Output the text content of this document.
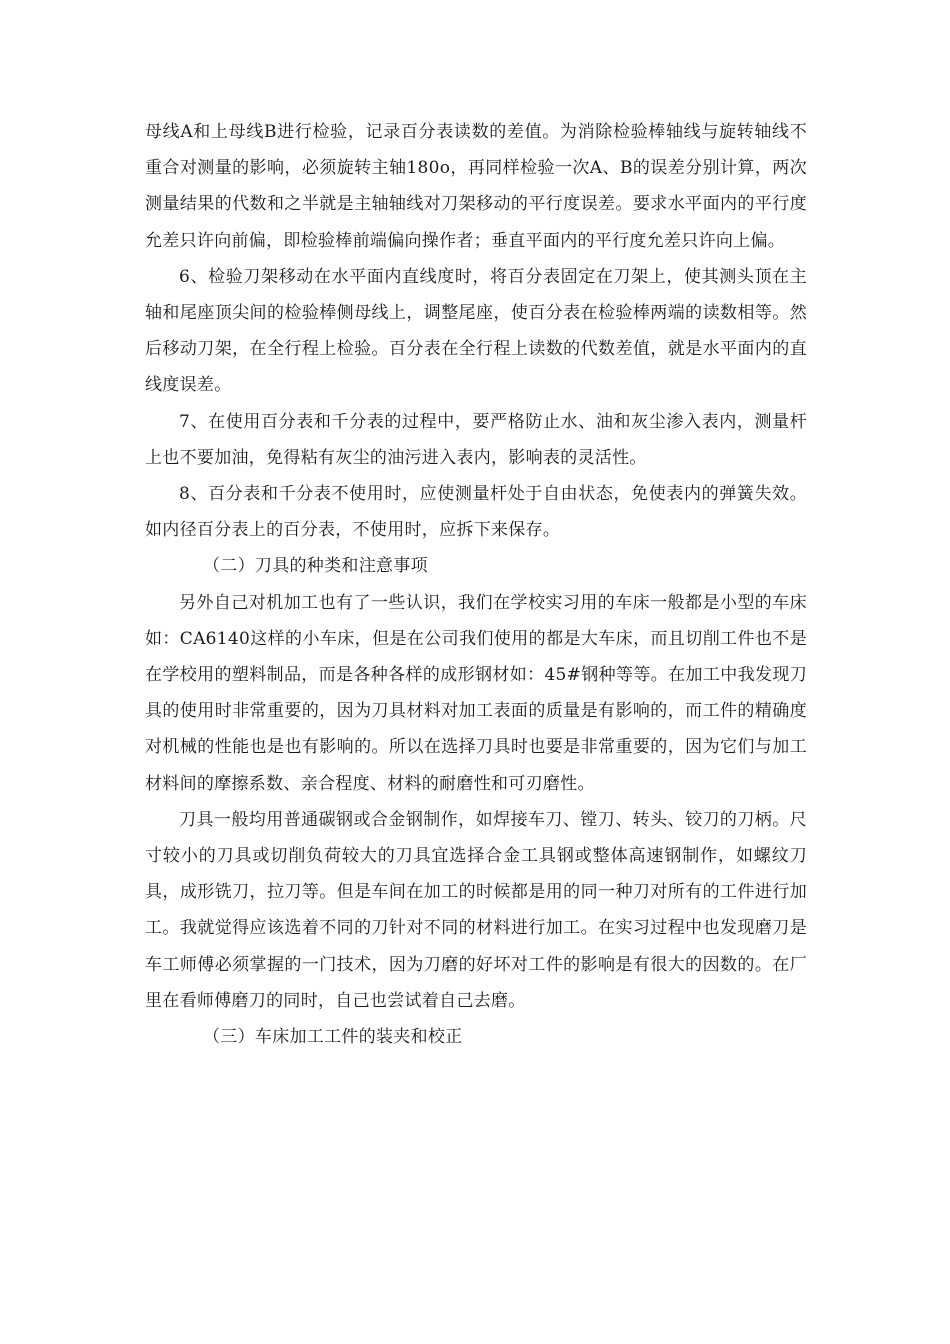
母线A和上母线B进行检验，记录百分表读数的差值。为消除检验棒轴线与旋转轴线不重合对测量的影响，必须旋转主轴180o，再同样检验一次A、B的误差分别计算，两次测量结果的代数和之半就是主轴轴线对刀架移动的平行度误差。要求水平面内的平行度允差只许向前偏，即检验棒前端偏向操作者；垂直平面内的平行度允差只许向上偏。

6、检验刀架移动在水平面内直线度时，将百分表固定在刀架上，使其测头顶在主轴和尾座顶尖间的检验棒侧母线上，调整尾座，使百分表在检验棒两端的读数相等。然后移动刀架，在全行程上检验。百分表在全行程上读数的代数差值，就是水平面内的直线度误差。

7、在使用百分表和千分表的过程中，要严格防止水、油和灰尘渗入表内，测量杆上也不要加油，免得粘有灰尘的油污进入表内，影响表的灵活性。

8、百分表和千分表不使用时，应使测量杆处于自由状态，免使表内的弹簧失效。如内径百分表上的百分表，不使用时，应拆下来保存。

（二）刀具的种类和注意事项

另外自己对机加工也有了一些认识，我们在学校实习用的车床一般都是小型的车床如：CA6140这样的小车床，但是在公司我们使用的都是大车床，而且切削工件也不是在学校用的塑料制品，而是各种各样的成形钢材如：45#钢种等等。在加工中我发现刀具的使用时非常重要的，因为刀具材料对加工表面的质量是有影响的，而工件的精确度对机械的性能也是也有影响的。所以在选择刀具时也要是非常重要的，因为它们与加工材料间的摩擦系数、亲合程度、材料的耐磨性和可刃磨性。

刀具一般均用普通碳钢或合金钢制作，如焊接车刀、镗刀、转头、铰刀的刀柄。尺寸较小的刀具或切削负荷较大的刀具宜选择合金工具钢或整体高速钢制作，如螺纹刀具，成形铣刀，拉刀等。但是车间在加工的时候都是用的同一种刀对所有的工件进行加工。我就觉得应该选着不同的刀针对不同的材料进行加工。在实习过程中也发现磨刀是车工师傅必须掌握的一门技术，因为刀磨的好坏对工件的影响是有很大的因数的。在厂里在看师傅磨刀的同时，自己也尝试着自己去磨。

（三）车床加工工件的装夹和校正
